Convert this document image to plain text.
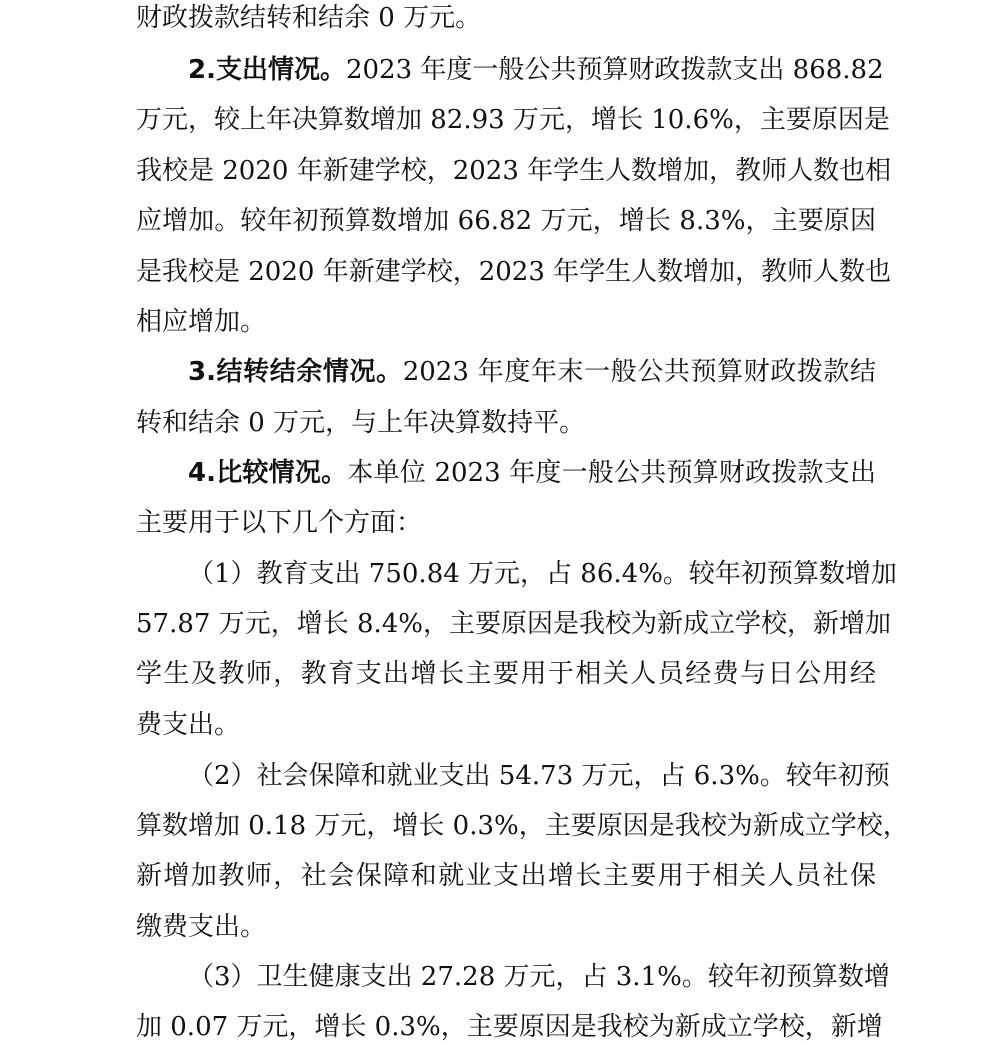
财政拨款结转和结余 0 万元。
2.支出情况。2023 年度一般公共预算财政拨款支出 868.82
万元，较上年决算数增加 82.93 万元，增长 10.6%，主要原因是
我校是 2020 年新建学校，2023 年学生人数增加，教师人数也相
应增加。较年初预算数增加 66.82 万元，增长 8.3%，主要原因
是我校是 2020 年新建学校，2023 年学生人数增加，教师人数也
相应增加。
3.结转结余情况。2023 年度年末一般公共预算财政拨款结
转和结余 0 万元，与上年决算数持平。
4.比较情况。本单位 2023 年度一般公共预算财政拨款支出
主要用于以下几个方面：
（1）教育支出 750.84 万元，占 86.4%。较年初预算数增加
57.87 万元，增长 8.4%，主要原因是我校为新成立学校，新增加
学生及教师，教育支出增长主要用于相关人员经费与日公用经
费支出。
（2）社会保障和就业支出 54.73 万元，占 6.3%。较年初预
算数增加 0.18 万元，增长 0.3%，主要原因是我校为新成立学校，
新增加教师，社会保障和就业支出增长主要用于相关人员社保
缴费支出。
（3）卫生健康支出 27.28 万元，占 3.1%。较年初预算数增
加 0.07 万元，增长 0.3%，主要原因是我校为新成立学校，新增
